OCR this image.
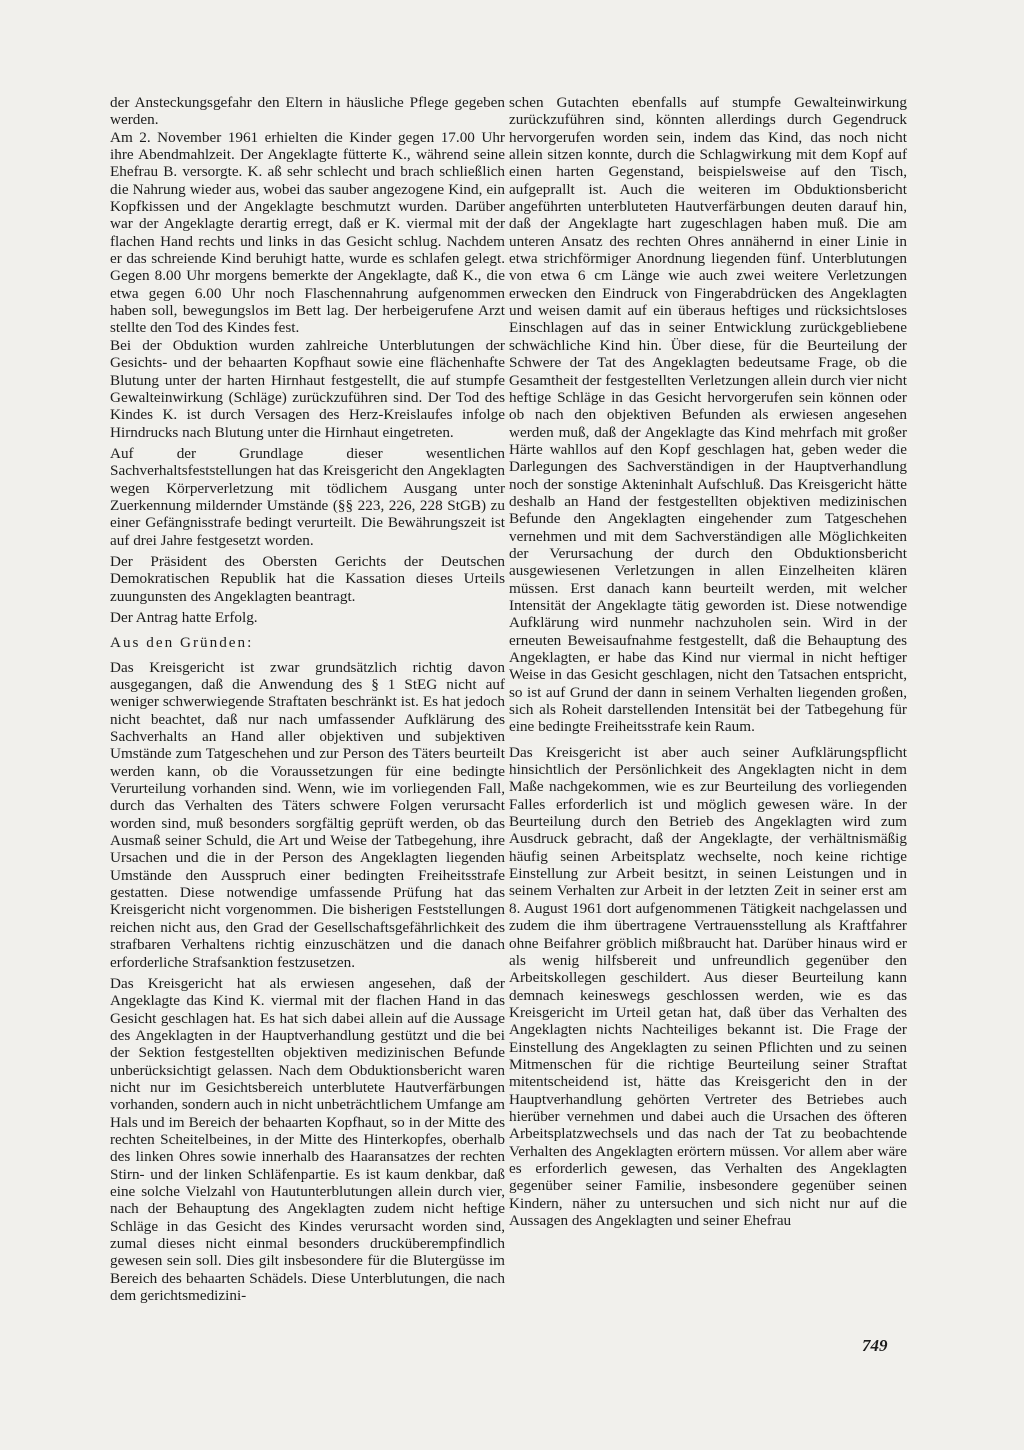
der Ansteckungsgefahr den Eltern in häusliche Pflege gegeben werden.

Am 2. November 1961 erhielten die Kinder gegen 17.00 Uhr ihre Abendmahlzeit. Der Angeklagte fütterte K., während seine Ehefrau B. versorgte. K. aß sehr schlecht und brach schließlich die Nahrung wieder aus, wobei das sauber angezogene Kind, ein Kopfkissen und der Angeklagte beschmutzt wurden. Darüber war der Angeklagte derartig erregt, daß er K. viermal mit der flachen Hand rechts und links in das Gesicht schlug. Nachdem er das schreiende Kind beruhigt hatte, wurde es schlafen gelegt. Gegen 8.00 Uhr morgens bemerkte der Angeklagte, daß K., die etwa gegen 6.00 Uhr noch Flaschennahrung aufgenommen haben soll, bewegungslos im Bett lag. Der herbeigerufene Arzt stellte den Tod des Kindes fest.

Bei der Obduktion wurden zahlreiche Unterblutungen der Gesichts- und der behaarten Kopfhaut sowie eine flächenhafte Blutung unter der harten Hirnhaut festgestellt, die auf stumpfe Gewalteinwirkung (Schläge) zurückzuführen sind. Der Tod des Kindes K. ist durch Versagen des Herz-Kreislaufes infolge Hirndrucks nach Blutung unter die Hirnhaut eingetreten.

Auf der Grundlage dieser wesentlichen Sachverhaltsfeststellungen hat das Kreisgericht den Angeklagten wegen Körperverletzung mit tödlichem Ausgang unter Zuerkennung mildernder Umstände (§§ 223, 226, 228 StGB) zu einer Gefängnisstrafe bedingt verurteilt. Die Bewährungszeit ist auf drei Jahre festgesetzt worden.

Der Präsident des Obersten Gerichts der Deutschen Demokratischen Republik hat die Kassation dieses Urteils zuungunsten des Angeklagten beantragt.

Der Antrag hatte Erfolg.

Aus den Gründen:

Das Kreisgericht ist zwar grundsätzlich richtig davon ausgegangen, daß die Anwendung des § 1 StEG nicht auf weniger schwerwiegende Straftaten beschränkt ist. Es hat jedoch nicht beachtet, daß nur nach umfassender Aufklärung des Sachverhalts an Hand aller objektiven und subjektiven Umstände zum Tatgeschehen und zur Person des Täters beurteilt werden kann, ob die Voraussetzungen für eine bedingte Verurteilung vorhanden sind. Wenn, wie im vorliegenden Fall, durch das Verhalten des Täters schwere Folgen verursacht worden sind, muß besonders sorgfältig geprüft werden, ob das Ausmaß seiner Schuld, die Art und Weise der Tatbegehung, ihre Ursachen und die in der Person des Angeklagten liegenden Umstände den Ausspruch einer bedingten Freiheitsstrafe gestatten. Diese notwendige umfassende Prüfung hat das Kreisgericht nicht vorgenommen. Die bisherigen Feststellungen reichen nicht aus, den Grad der Gesellschaftsgefährlichkeit des strafbaren Verhaltens richtig einzuschätzen und die danach erforderliche Strafsanktion festzusetzen.

Das Kreisgericht hat als erwiesen angesehen, daß der Angeklagte das Kind K. viermal mit der flachen Hand in das Gesicht geschlagen hat. Es hat sich dabei allein auf die Aussage des Angeklagten in der Hauptverhandlung gestützt und die bei der Sektion festgestellten objektiven medizinischen Befunde unberücksichtigt gelassen. Nach dem Obduktionsbericht waren nicht nur im Gesichtsbereich unterblutete Hautverfärbungen vorhanden, sondern auch in nicht unbeträchtlichem Umfange am Hals und im Bereich der behaarten Kopfhaut, so in der Mitte des rechten Scheitelbeines, in der Mitte des Hinterkopfes, oberhalb des linken Ohres sowie innerhalb des Haaransatzes der rechten Stirn- und der linken Schläfenpartie. Es ist kaum denkbar, daß eine solche Vielzahl von Hautunterblutungen allein durch vier, nach der Behauptung des Angeklagten zudem nicht heftige Schläge in das Gesicht des Kindes verursacht worden sind, zumal dieses nicht einmal besonders drucküberempfindlich gewesen sein soll. Dies gilt insbesondere für die Blutergüsse im Bereich des behaarten Schädels. Diese Unterblutungen, die nach dem gerichtsmedizini-

schen Gutachten ebenfalls auf stumpfe Gewalteinwirkung zurückzuführen sind, könnten allerdings durch Gegendruck hervorgerufen worden sein, indem das Kind, das noch nicht allein sitzen konnte, durch die Schlagwirkung mit dem Kopf auf einen harten Gegenstand, beispielsweise auf den Tisch, aufgeprallt ist. Auch die weiteren im Obduktionsbericht angeführten unterbluteten Hautverfärbungen deuten darauf hin, daß der Angeklagte hart zugeschlagen haben muß. Die am unteren Ansatz des rechten Ohres annähernd in einer Linie in etwa strichförmiger Anordnung liegenden fünf. Unterblutungen von etwa 6 cm Länge wie auch zwei weitere Verletzungen erwecken den Eindruck von Fingerabdrücken des Angeklagten und weisen damit auf ein überaus heftiges und rücksichtsloses Einschlagen auf das in seiner Entwicklung zurückgebliebene schwächliche Kind hin. Über diese, für die Beurteilung der Schwere der Tat des Angeklagten bedeutsame Frage, ob die Gesamtheit der festgestellten Verletzungen allein durch vier nicht heftige Schläge in das Gesicht hervorgerufen sein können oder ob nach den objektiven Befunden als erwiesen angesehen werden muß, daß der Angeklagte das Kind mehrfach mit großer Härte wahllos auf den Kopf geschlagen hat, geben weder die Darlegungen des Sachverständigen in der Hauptverhandlung noch der sonstige Akteninhalt Aufschluß. Das Kreisgericht hätte deshalb an Hand der festgestellten objektiven medizinischen Befunde den Angeklagten eingehender zum Tatgeschehen vernehmen und mit dem Sachverständigen alle Möglichkeiten der Verursachung der durch den Obduktionsbericht ausgewiesenen Verletzungen in allen Einzelheiten klären müssen. Erst danach kann beurteilt werden, mit welcher Intensität der Angeklagte tätig geworden ist. Diese notwendige Aufklärung wird nunmehr nachzuholen sein. Wird in der erneuten Beweisaufnahme festgestellt, daß die Behauptung des Angeklagten, er habe das Kind nur viermal in nicht heftiger Weise in das Gesicht geschlagen, nicht den Tatsachen entspricht, so ist auf Grund der dann in seinem Verhalten liegenden großen, sich als Roheit darstellenden Intensität bei der Tatbegehung für eine bedingte Freiheitsstrafe kein Raum.

Das Kreisgericht ist aber auch seiner Aufklärungspflicht hinsichtlich der Persönlichkeit des Angeklagten nicht in dem Maße nachgekommen, wie es zur Beurteilung des vorliegenden Falles erforderlich ist und möglich gewesen wäre. In der Beurteilung durch den Betrieb des Angeklagten wird zum Ausdruck gebracht, daß der Angeklagte, der verhältnismäßig häufig seinen Arbeitsplatz wechselte, noch keine richtige Einstellung zur Arbeit besitzt, in seinen Leistungen und in seinem Verhalten zur Arbeit in der letzten Zeit in seiner erst am 8. August 1961 dort aufgenommenen Tätigkeit nachgelassen und zudem die ihm übertragene Vertrauensstellung als Kraftfahrer ohne Beifahrer gröblich mißbraucht hat. Darüber hinaus wird er als wenig hilfsbereit und unfreundlich gegenüber den Arbeitskollegen geschildert. Aus dieser Beurteilung kann demnach keineswegs geschlossen werden, wie es das Kreisgericht im Urteil getan hat, daß über das Verhalten des Angeklagten nichts Nachteiliges bekannt ist. Die Frage der Einstellung des Angeklagten zu seinen Pflichten und zu seinen Mitmenschen für die richtige Beurteilung seiner Straftat mitentscheidend ist, hätte das Kreisgericht den in der Hauptverhandlung gehörten Vertreter des Betriebes auch hierüber vernehmen und dabei auch die Ursachen des öfteren Arbeitsplatzwechsels und das nach der Tat zu beobachtende Verhalten des Angeklagten erörtern müssen. Vor allem aber wäre es erforderlich gewesen, das Verhalten des Angeklagten gegenüber seiner Familie, insbesondere gegenüber seinen Kindern, näher zu untersuchen und sich nicht nur auf die Aussagen des Angeklagten und seiner Ehefrau

749
